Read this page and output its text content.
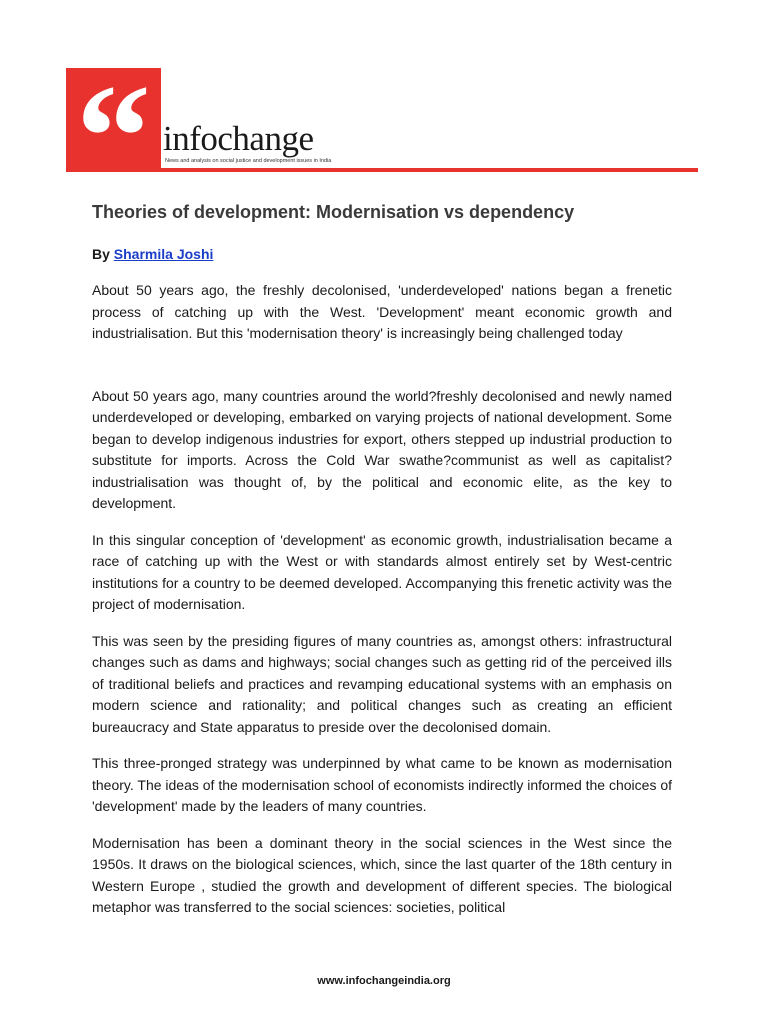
“ infochange
News and analysis on social justice and development issues in India
Theories of development: Modernisation vs dependency
By Sharmila Joshi

About 50 years ago, the freshly decolonised, 'underdeveloped' nations began a frenetic process of catching up with the West. 'Development' meant economic growth and industrialisation. But this 'modernisation theory' is increasingly being challenged today

About 50 years ago, many countries around the world?freshly decolonised and newly named underdeveloped or developing, embarked on varying projects of national development. Some began to develop indigenous industries for export, others stepped up industrial production to substitute for imports. Across the Cold War swathe?communist as well as capitalist?industrialisation was thought of, by the political and economic elite, as the key to development.

In this singular conception of 'development' as economic growth, industrialisation became a race of catching up with the West or with standards almost entirely set by West-centric institutions for a country to be deemed developed. Accompanying this frenetic activity was the project of modernisation.

This was seen by the presiding figures of many countries as, amongst others: infrastructural changes such as dams and highways; social changes such as getting rid of the perceived ills of traditional beliefs and practices and revamping educational systems with an emphasis on modern science and rationality; and political changes such as creating an efficient bureaucracy and State apparatus to preside over the decolonised domain.

This three-pronged strategy was underpinned by what came to be known as modernisation theory. The ideas of the modernisation school of economists indirectly informed the choices of 'development' made by the leaders of many countries.

Modernisation has been a dominant theory in the social sciences in the West since the 1950s. It draws on the biological sciences, which, since the last quarter of the 18th century in Western Europe , studied the growth and development of different species. The biological metaphor was transferred to the social sciences: societies, political

www.infochangeindia.org
